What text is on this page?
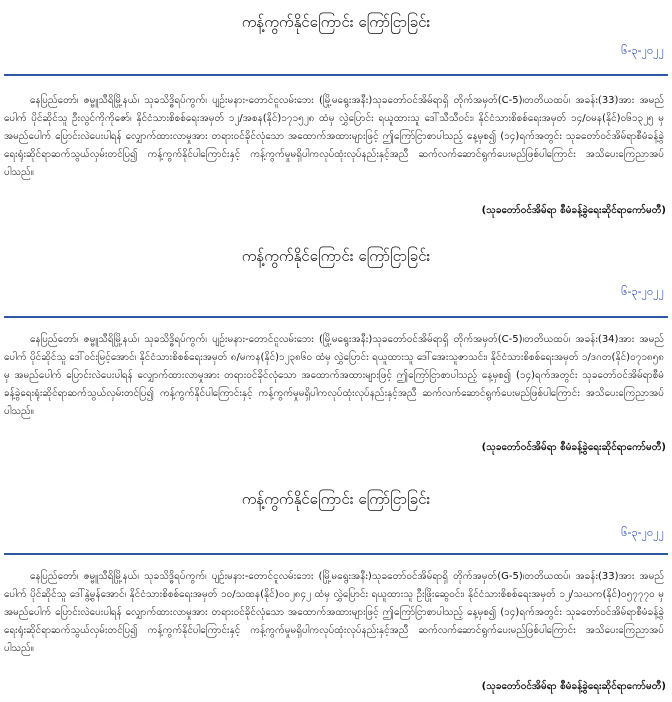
ကန့်ကွက်နိုင်ကြောင်း ကြော်ငြာခြင်း
၆-၃-၂၀၂၂

နေပြည်တော်၊ ဇမ္ဗူသီရိမြို့နယ်၊ သုခသိဒ္ဓိရပ်ကွက်၊ ပျဉ်းမနား-တောင်ငူလမ်းဘေး (မြို့မရွေးအနီး)သုခတော်ဝင်အိမ်ရာရှိ တိုက်အမှတ်(C-5)၊တတိယထပ်၊ အခန်း(33)အား အမည်ပေါက် ပိုင်ဆိုင်သူ ဦးလွင်ကိုကိုဇော်၊ နိုင်ငံသားစိစစ်ရေးအမှတ် ၁၂/အစန(နိုင်)၁၇၁၅၂၈ ထံမှ လွှဲပြောင်း ရယူထားသူ ဒေါ်သီသီဝင်း၊ နိုင်ငံသားစိစစ်ရေးအမှတ် ၁၄/ဝမန(နိုင်)၀၆၁၃၂၅ မှ အမည်ပေါက် ပြောင်းလဲပေးပါရန် လျှောက်ထားလာမှုအား တရားဝင်ခိုင်လုံသော အထောက်အထားများဖြင့် ဤကြော်ငြာစာပါသည့် နေ့မှစ၍ (၁၄)ရက်အတွင်း သုခတော်ဝင်အိမ်ရာစီမံခန့်ခွဲရေးရုံးဆိုင်ရာဆက်သွယ်လှမ်းတင်ပြ၍ ကန့်ကွက်နိုင်ပါကြောင်းနှင့် ကန့်ကွက်မှုမရှိပါကလုပ်ထုံးလုပ်နည်းနှင့်အညီ ဆက်လက်ဆောင်ရွက်ပေးမည်ဖြစ်ပါကြောင်း အသိပေးကြေညာအပ်ပါသည်။

(သုခတော်ဝင်အိမ်ရာ စီမံခန့်ခွဲရေးဆိုင်ရာကော်မတီ)
ကန့်ကွက်နိုင်ကြောင်း ကြော်ငြာခြင်း
၆-၃-၂၀၂၂

နေပြည်တော်၊ ဇမ္ဗူသီရိမြို့နယ်၊ သုခသိဒ္ဓိရပ်ကွက်၊ ပျဉ်းမနား-တောင်ငူလမ်းဘေး (မြို့မရွေးအနီး)သုခတော်ဝင်အိမ်ရာရှိ တိုက်အမှတ်(C-5)၊တတိယထပ်၊ အခန်း(34)အား အမည်ပေါက် ပိုင်ဆိုင်သူ ဒေါ်ဝင်းမြင့်အောင်၊ နိုင်ငံသားစိစစ်ရေးအမှတ် ၈/မကန(နိုင်)၁၂၃၈၆၀ ထံမှ လွှဲပြောင်း ရယူထားသူ ဒေါ်အေးသူဇာသင်း၊ နိုင်ငံသားစိစစ်ရေးအမှတ် ၁/ဒဂတ(နိုင်)၀၇၁၈၅၈ မှ အမည်ပေါက် ပြောင်းလဲပေးပါရန် လျှောက်ထားလာမှုအား တရားဝင်ခိုင်လုံသော အထောက်အထားများဖြင့် ဤကြော်ငြာစာပါသည့် နေ့မှစ၍ (၁၄)ရက်အတွင်း သုခတော်ဝင်အိမ်ရာစီမံခန့်ခွဲရေးရုံးဆိုင်ရာဆက်သွယ်လှမ်းတင်ပြ၍ ကန့်ကွက်နိုင်ပါကြောင်းနှင့် ကန့်ကွက်မှုမရှိပါကလုပ်ထုံးလုပ်နည်းနှင့်အညီ ဆက်လက်ဆောင်ရွက်ပေးမည်ဖြစ်ပါကြောင်း အသိပေးကြေညာအပ်ပါသည်။

(သုခတော်ဝင်အိမ်ရာ စီမံခန့်ခွဲရေးဆိုင်ရာကော်မတီ)
ကန့်ကွက်နိုင်ကြောင်း ကြော်ငြာခြင်း
၆-၃-၂၀၂၂

နေပြည်တော်၊ ဇမ္ဗူသီရိမြို့နယ်၊ သုခသိဒ္ဓိရပ်ကွက်၊ ပျဉ်းမနား-တောင်ငူလမ်းဘေး (မြို့မရွေးအနီး)သုခတော်ဝင်အိမ်ရာရှိ တိုက်အမှတ်(G-5)၊တတိယထပ်၊ အခန်း(33)အား အမည်ပေါက် ပိုင်ဆိုင်သူ ဒေါ်နွဲ့မွန်အောင်၊ နိုင်ငံသားစိစစ်ရေးအမှတ် ၁၀/သထန(နိုင်)၀၀၂၈၄၂ ထံမှ လွှဲပြောင်း ရယူထားသူ ဦးဖြိုးဆွေဝင်း၊ နိုင်ငံသားစိစစ်ရေးအမှတ် ၁၂/သဃက(နိုင်)၀၅၇၇၇၀ မှ အမည်ပေါက် ပြောင်းလဲပေးပါရန် လျှောက်ထားလာမှုအား တရားဝင်ခိုင်လုံသော အထောက်အထားများဖြင့် ဤကြော်ငြာစာပါသည့် နေ့မှစ၍ (၁၄)ရက်အတွင်း သုခတော်ဝင်အိမ်ရာစီမံခန့်ခွဲရေးရုံးဆိုင်ရာဆက်သွယ်လှမ်းတင်ပြ၍ ကန့်ကွက်နိုင်ပါကြောင်းနှင့် ကန့်ကွက်မှုမရှိပါကလုပ်ထုံးလုပ်နည်းနှင့်အညီ ဆက်လက်ဆောင်ရွက်ပေးမည်ဖြစ်ပါကြောင်း အသိပေးကြေညာအပ်ပါသည်။

(သုခတော်ဝင်အိမ်ရာ စီမံခန့်ခွဲရေးဆိုင်ရာကော်မတီ)
